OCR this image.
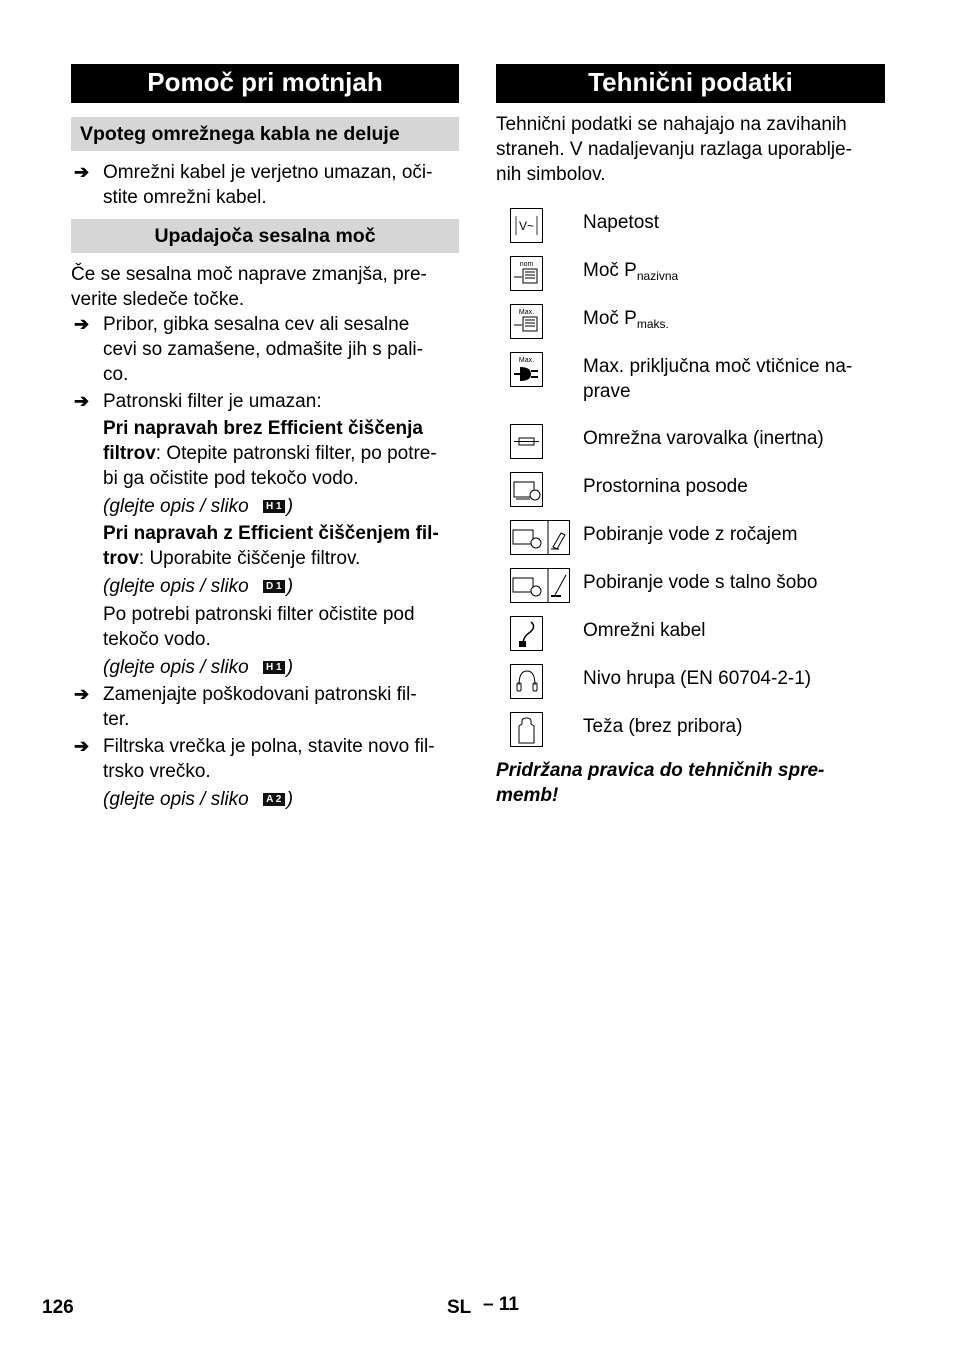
Pomoč pri motnjah
Vpoteg omrežnega kabla ne deluje
➔ Omrežni kabel je verjetno umazan, oči-
stite omrežni kabel.
Upadajoča sesalna moč

Če se sesalna moč naprave zmanjša, pre-

verite sledeče točke.

➔ Pribor, gibka sesalna cev ali sesalne
cevi so zamašene, odmašite jih s pali-
co.
➔ Patronski filter je umazan:
Pri napravah brez Efficient čiščenja
filtrov: Otepite patronski filter, po potre-
bi ga očistite pod tekočo vodo.
(glejte opis / sliko	H 1 )
Pri napravah z Efficient čiščenjem fil-
trov: Uporabite čiščenje filtrov.
(glejte opis / sliko	D 1 )
Po potrebi patronski filter očistite pod
tekočo vodo.
(glejte opis / sliko	H 1 )
➔ Zamenjajte poškodovani patronski fil-
ter.
➔ Filtrska vrečka je polna, stavite novo fil-
trsko vrečko.
(glejte opis / sliko	A 2 )
Tehnični podatki

Tehnični podatki se nahajajo na zavihanih

straneh. V nadaljevanju razlaga uporablje-

nih simbolov.

V~	Napetost
nom	Moč $P_{nazivna}$
Max.	Moč $P_{maks.}$
Max.	Max. priključna moč vtičnice na-
prave
Omrežna varovalka (inertna)
Prostornina posode
Pobiranje vode z ročajem
Pobiranje vode s talno šobo
Omrežni kabel
Nivo hrupa (EN 60704-2-1)
Teža (brez pribora)

Pridržana pravica do tehničnih spre-

memb!

126	SL – 11
